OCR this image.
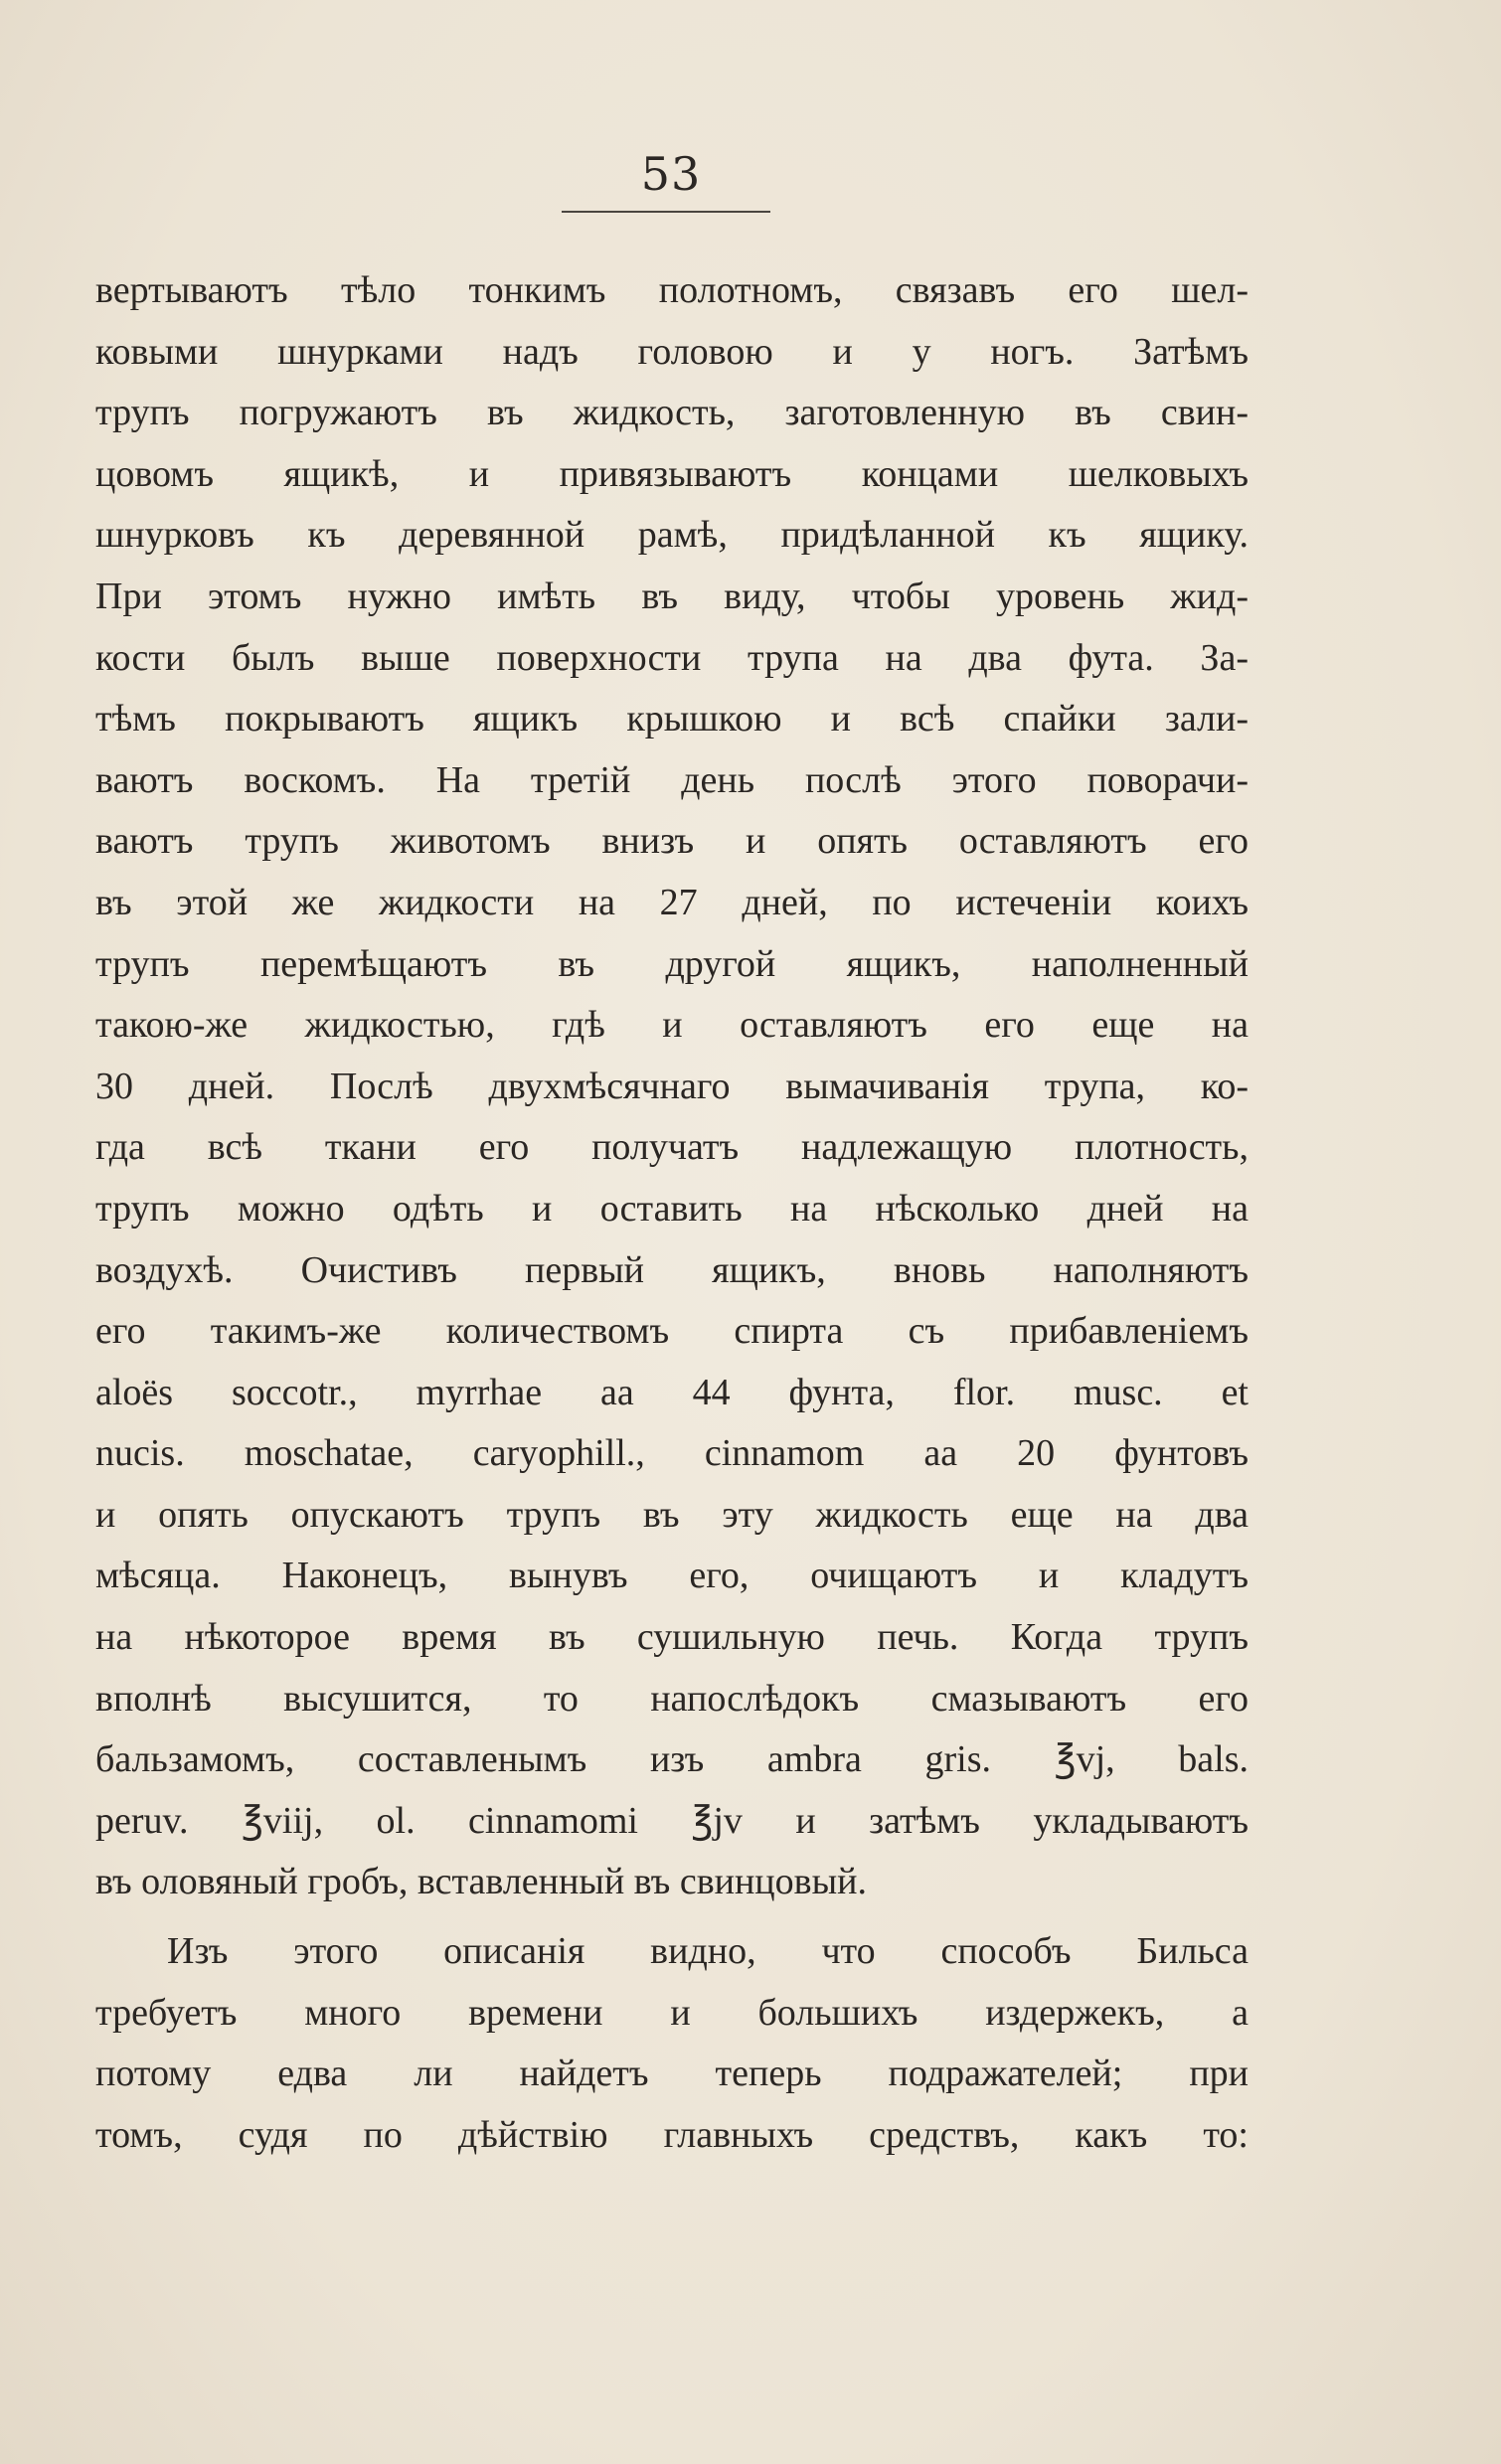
53
вертываютъ тѣло тонкимъ полотномъ, связавъ его шел-
ковыми шнурками надъ головою и у ногъ. Затѣмъ
трупъ погружаютъ въ жидкость, заготовленную въ свин-
цовомъ ящикѣ, и привязываютъ концами шелковыхъ
шнурковъ къ деревянной рамѣ, придѣланной къ ящику.
При этомъ нужно имѣть въ виду, чтобы уровень жид-
кости былъ выше поверхности трупа на два фута. За-
тѣмъ покрываютъ ящикъ крышкою и всѣ спайки зали-
ваютъ воскомъ. На третій день послѣ этого поворачи-
ваютъ трупъ животомъ внизъ и опять оставляютъ его
въ этой же жидкости на 27 дней, по истеченіи коихъ
трупъ перемѣщаютъ въ другой ящикъ, наполненный
такою-же жидкостью, гдѣ и оставляютъ его еще на
30 дней. Послѣ двухмѣсячнаго вымачиванія трупа, ко-
гда всѣ ткани его получатъ надлежащую плотность,
трупъ можно одѣть и оставить на нѣсколько дней на
воздухѣ. Очистивъ первый ящикъ, вновь наполняютъ
его такимъ-же количествомъ спирта съ прибавленіемъ
aloës soccotr., myrrhae aa 44 фунта, flor. musc. et
nucis. moschatae, caryophill., cinnamom aa 20 фунтовъ
и опять опускаютъ трупъ въ эту жидкость еще на два
мѣсяца. Наконецъ, вынувъ его, очищаютъ и кладутъ
на нѣкоторое время въ сушильную печь. Когда трупъ
вполнѣ высушится, то напослѣдокъ смазываютъ его
бальзамомъ, составленымъ изъ ambra gris. ℥vj, bals.
peruv. ℥viij, ol. cinnamomi ℥jv и затѣмъ укладываютъ
въ оловяный гробъ, вставленный въ свинцовый.
Изъ этого описанія видно, что способъ Бильса
требуетъ много времени и большихъ издержекъ, а
потому едва ли найдетъ теперь подражателей; при
томъ, судя по дѣйствію главныхъ средствъ, какъ то:
